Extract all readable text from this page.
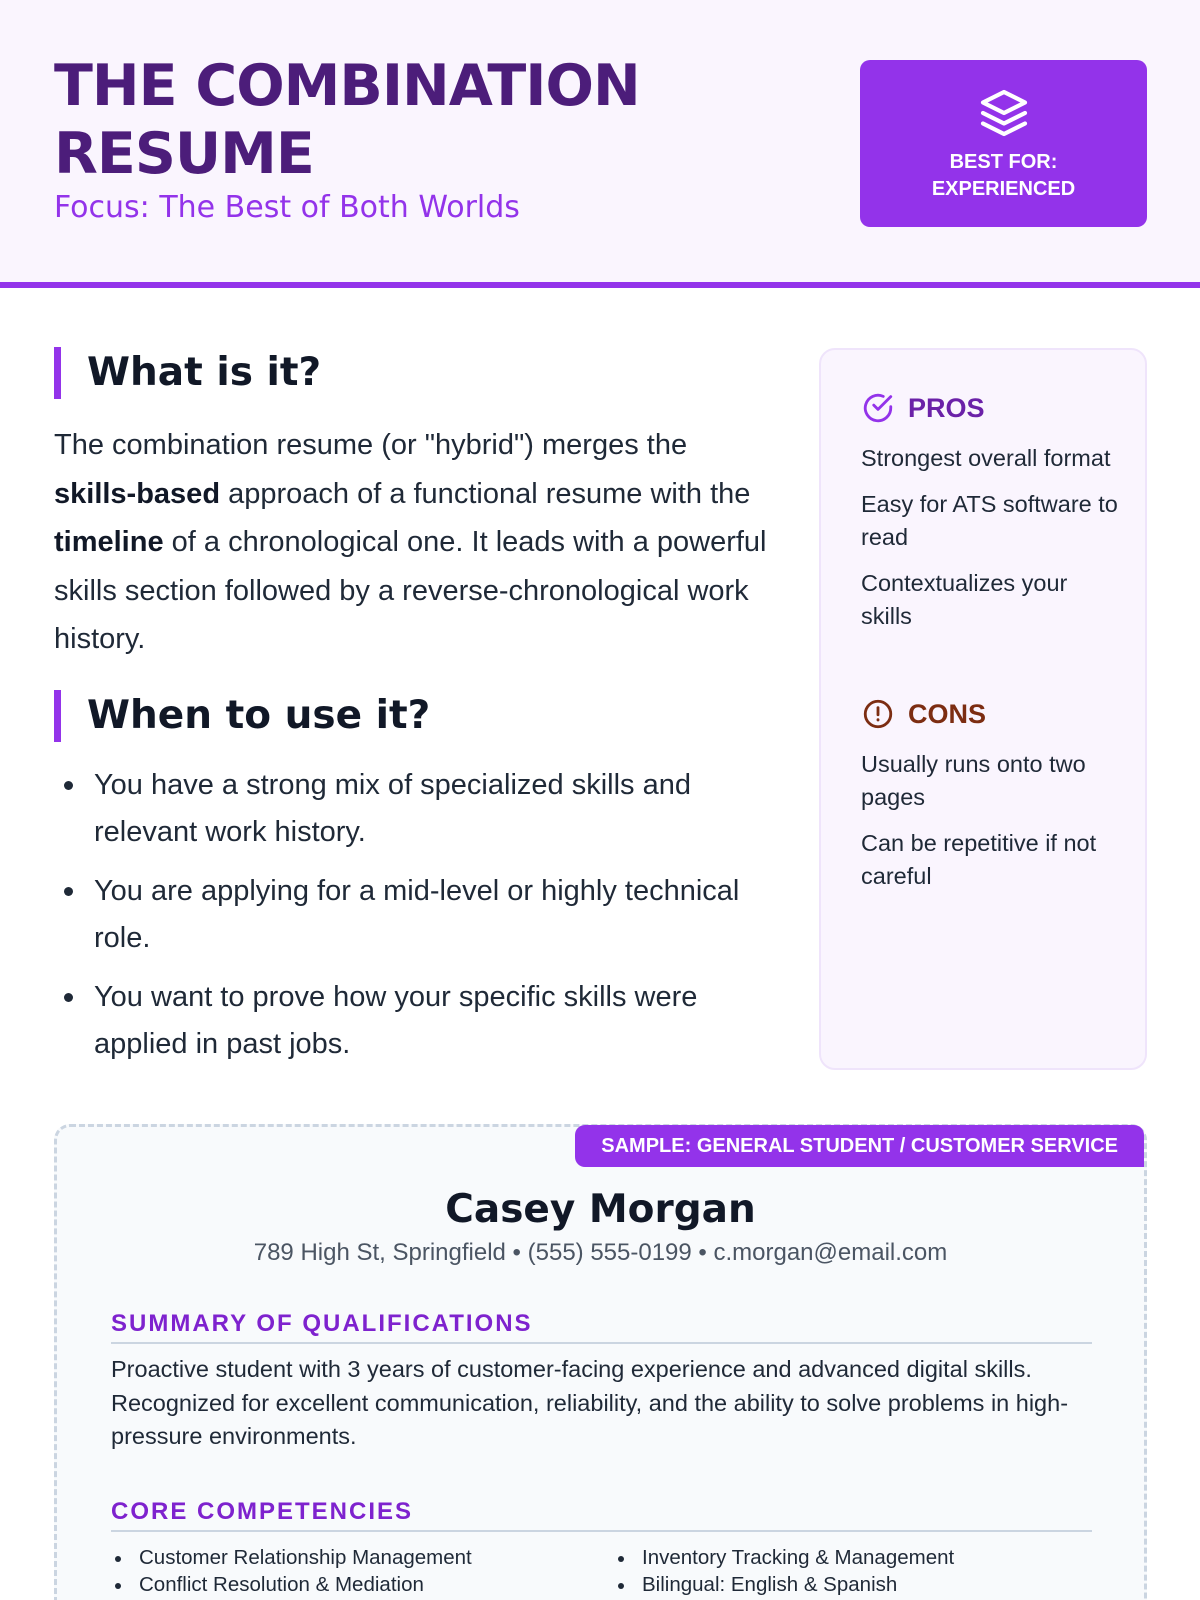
THE COMBINATION RESUME
Focus: The Best of Both Worlds
BEST FOR:
EXPERIENCED
What is it?

The combination resume (or "hybrid") merges the skills-based approach of a functional resume with the timeline of a chronological one. It leads with a powerful skills section followed by a reverse-chronological work history.

When to use it?
You have a strong mix of specialized skills and relevant work history.
You are applying for a mid-level or highly technical role.
You want to prove how your specific skills were applied in past jobs.
PROS
Strongest overall format
Easy for ATS software to read
Contextualizes your skills
CONS
Usually runs onto two pages
Can be repetitive if not careful
SAMPLE: GENERAL STUDENT / CUSTOMER SERVICE
Casey Morgan
789 High St, Springfield • (555) 555-0199 • c.morgan@email.com
SUMMARY OF QUALIFICATIONS

Proactive student with 3 years of customer-facing experience and advanced digital skills. Recognized for excellent communication, reliability, and the ability to solve problems in high-pressure environments.

CORE COMPETENCIES
Customer Relationship Management
Conflict Resolution & Mediation
Inventory Tracking & Management
Bilingual: English & Spanish
